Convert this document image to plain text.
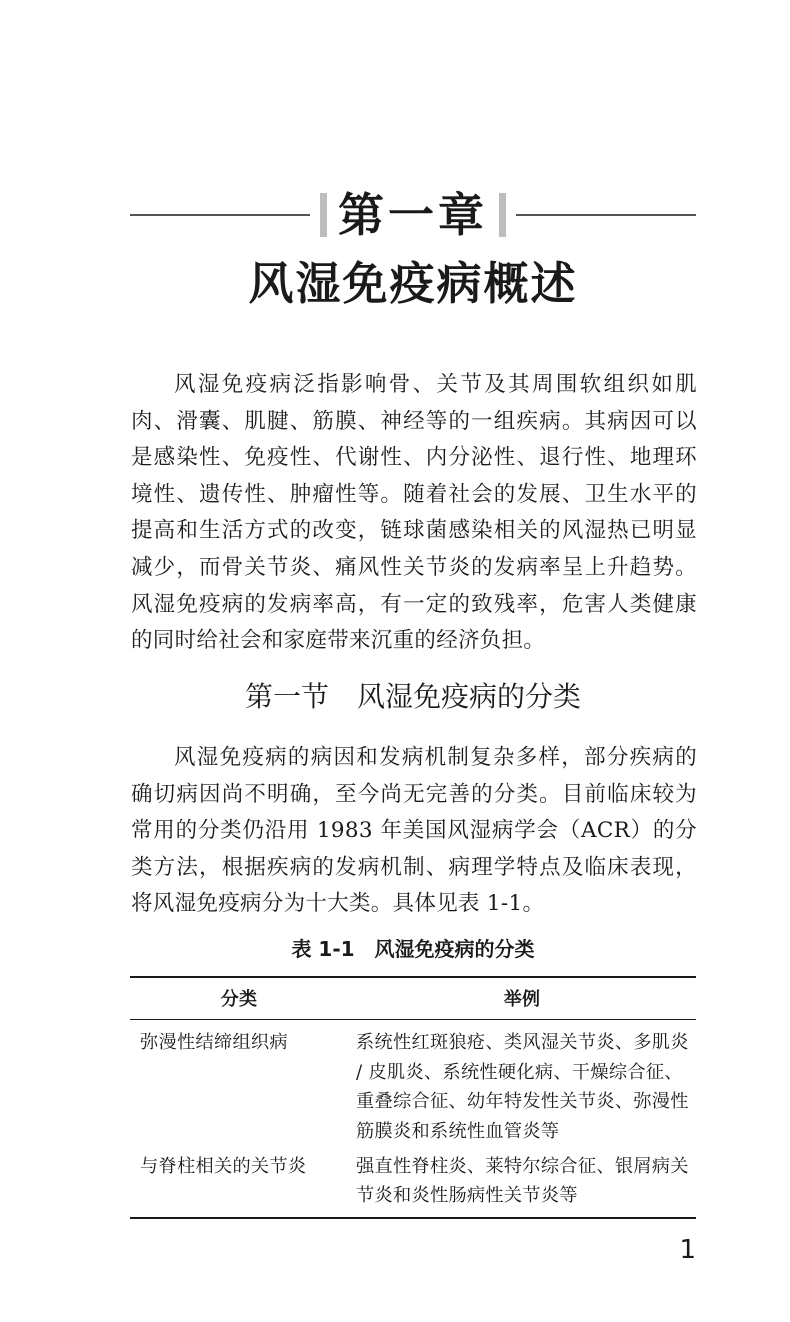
第一章
风湿免疫病概述

风湿免疫病泛指影响骨、关节及其周围软组织如肌肉、滑囊、肌腱、筋膜、神经等的一组疾病。其病因可以是感染性、免疫性、代谢性、内分泌性、退行性、地理环境性、遗传性、肿瘤性等。随着社会的发展、卫生水平的提高和生活方式的改变，链球菌感染相关的风湿热已明显减少，而骨关节炎、痛风性关节炎的发病率呈上升趋势。风湿免疫病的发病率高，有一定的致残率，危害人类健康的同时给社会和家庭带来沉重的经济负担。

第一节　风湿免疫病的分类

风湿免疫病的病因和发病机制复杂多样，部分疾病的确切病因尚不明确，至今尚无完善的分类。目前临床较为常用的分类仍沿用 1983 年美国风湿病学会（ACR）的分类方法，根据疾病的发病机制、病理学特点及临床表现，将风湿免疫病分为十大类。具体见表 1-1。

表 1-1　风湿免疫病的分类
分类	举例
弥漫性结缔组织病	系统性红斑狼疮、类风湿关节炎、多肌炎 / 皮肌炎、系统性硬化病、干燥综合征、重叠综合征、幼年特发性关节炎、弥漫性筋膜炎和系统性血管炎等
与脊柱相关的关节炎	强直性脊柱炎、莱特尔综合征、银屑病关节炎和炎性肠病性关节炎等
1
